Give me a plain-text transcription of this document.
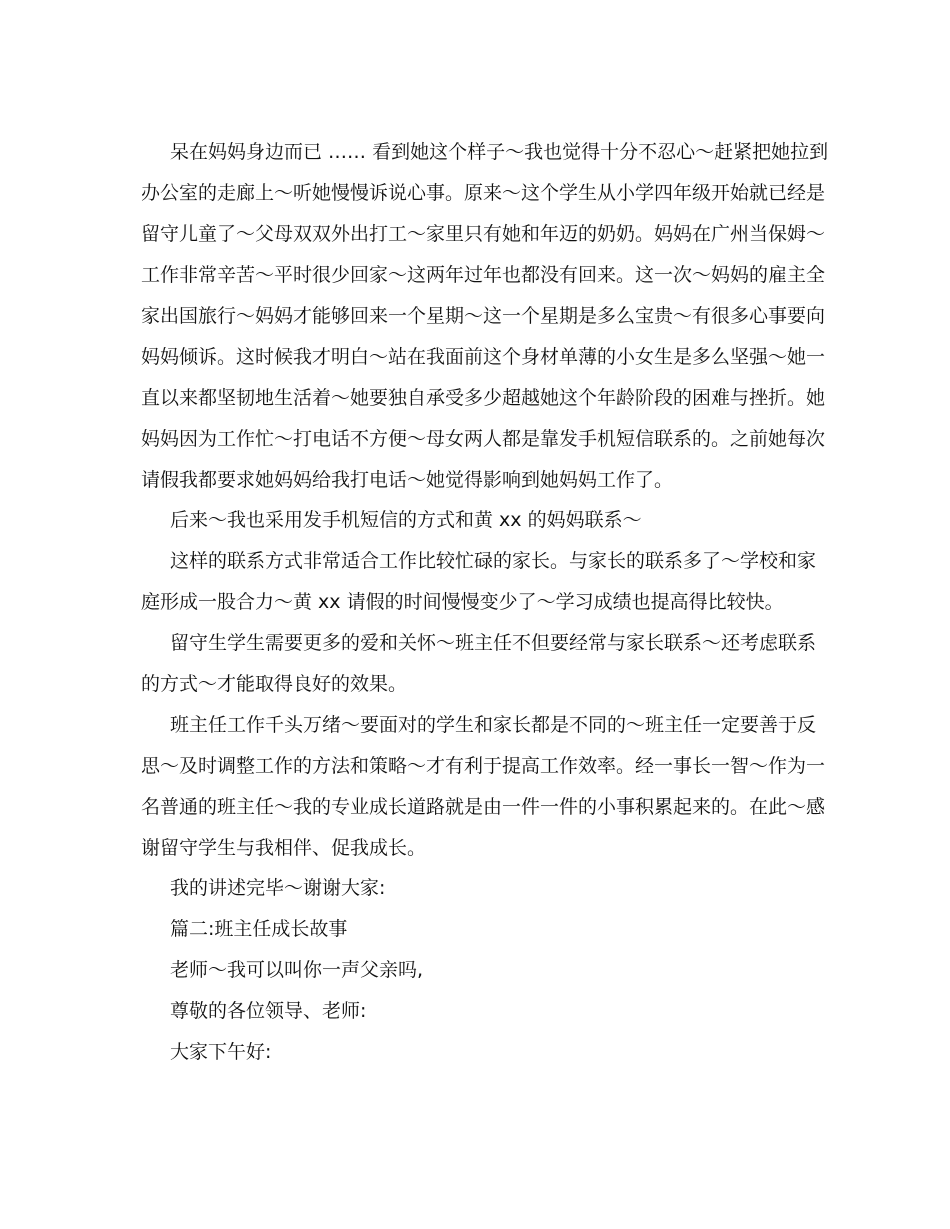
呆在妈妈身边而已 …… 看到她这个样子～我也觉得十分不忍心～赶紧把她拉到

办公室的走廊上～听她慢慢诉说心事。原来～这个学生从小学四年级开始就已经是

留守儿童了～父母双双外出打工～家里只有她和年迈的奶奶。妈妈在广州当保姆～

工作非常辛苦～平时很少回家～这两年过年也都没有回来。这一次～妈妈的雇主全

家出国旅行～妈妈才能够回来一个星期～这一个星期是多么宝贵～有很多心事要向

妈妈倾诉。这时候我才明白～站在我面前这个身材单薄的小女生是多么坚强～她一

直以来都坚韧地生活着～她要独自承受多少超越她这个年龄阶段的困难与挫折。她

妈妈因为工作忙～打电话不方便～母女两人都是靠发手机短信联系的。之前她每次

请假我都要求她妈妈给我打电话～她觉得影响到她妈妈工作了。

后来～我也采用发手机短信的方式和黄 xx 的妈妈联系～

这样的联系方式非常适合工作比较忙碌的家长。与家长的联系多了～学校和家

庭形成一股合力～黄 xx 请假的时间慢慢变少了～学习成绩也提高得比较快。

留守生学生需要更多的爱和关怀～班主任不但要经常与家长联系～还考虑联系

的方式～才能取得良好的效果。

班主任工作千头万绪～要面对的学生和家长都是不同的～班主任一定要善于反

思～及时调整工作的方法和策略～才有利于提高工作效率。经一事长一智～作为一

名普通的班主任～我的专业成长道路就是由一件一件的小事积累起来的。在此～感

谢留守学生与我相伴、促我成长。

我的讲述完毕～谢谢大家:

篇二:班主任成长故事

老师～我可以叫你一声父亲吗,

尊敬的各位领导、老师:

大家下午好:
